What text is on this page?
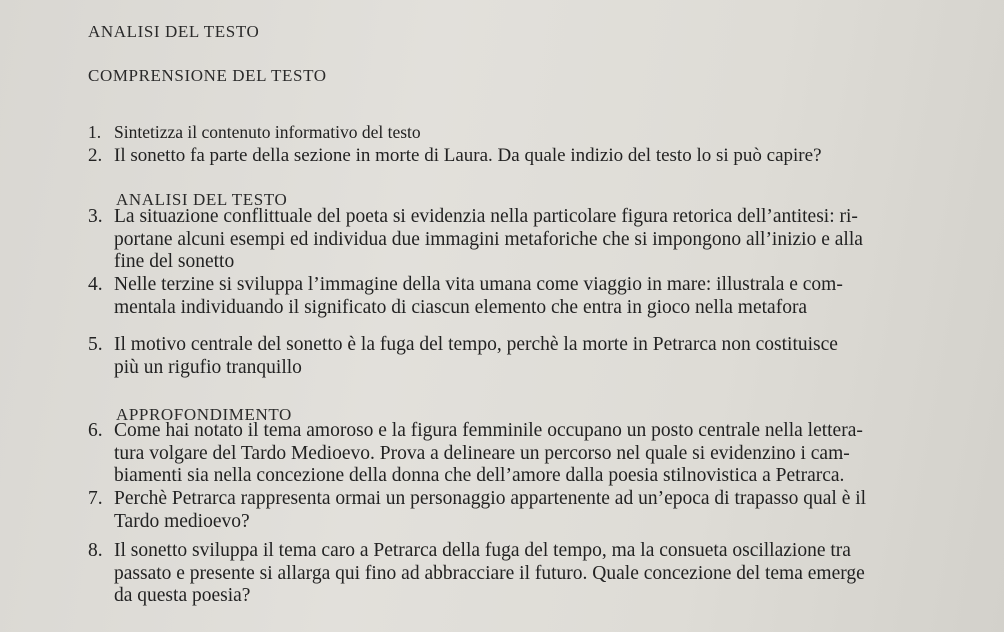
ANALISI DEL TESTO
COMPRENSIONE DEL TESTO
1. Sintetizza il contenuto informativo del testo
2. Il sonetto fa parte della sezione in morte di Laura. Da quale indizio del testo lo si può capire?
ANALISI DEL TESTO
3. La situazione conflittuale del poeta si evidenzia nella particolare figura retorica dell’antitesi: ri-
portane alcuni esempi ed individua due immagini metaforiche che si impongono all’inizio e alla
fine del sonetto
4. Nelle terzine si sviluppa l’immagine della vita umana come viaggio in mare: illustrala e com-
mentala individuando il significato di ciascun elemento che entra in gioco nella metafora
5. Il motivo centrale del sonetto è la fuga del tempo, perchè la morte in Petrarca non costituisce
più un rigufio tranquillo
APPROFONDIMENTO
6. Come hai notato il tema amoroso e la figura femminile occupano un posto centrale nella lettera-
tura volgare del Tardo Medioevo. Prova a delineare un percorso nel quale si evidenzino i cam-
biamenti sia nella concezione della donna che dell’amore dalla poesia stilnovistica a Petrarca.
7. Perchè Petrarca rappresenta ormai un personaggio appartenente ad un’epoca di trapasso qual è il
Tardo medioevo?
8. Il sonetto sviluppa il tema caro a Petrarca della fuga del tempo, ma la consueta oscillazione tra
passato e presente si allarga qui fino ad abbracciare il futuro. Quale concezione del tema emerge
da questa poesia?
